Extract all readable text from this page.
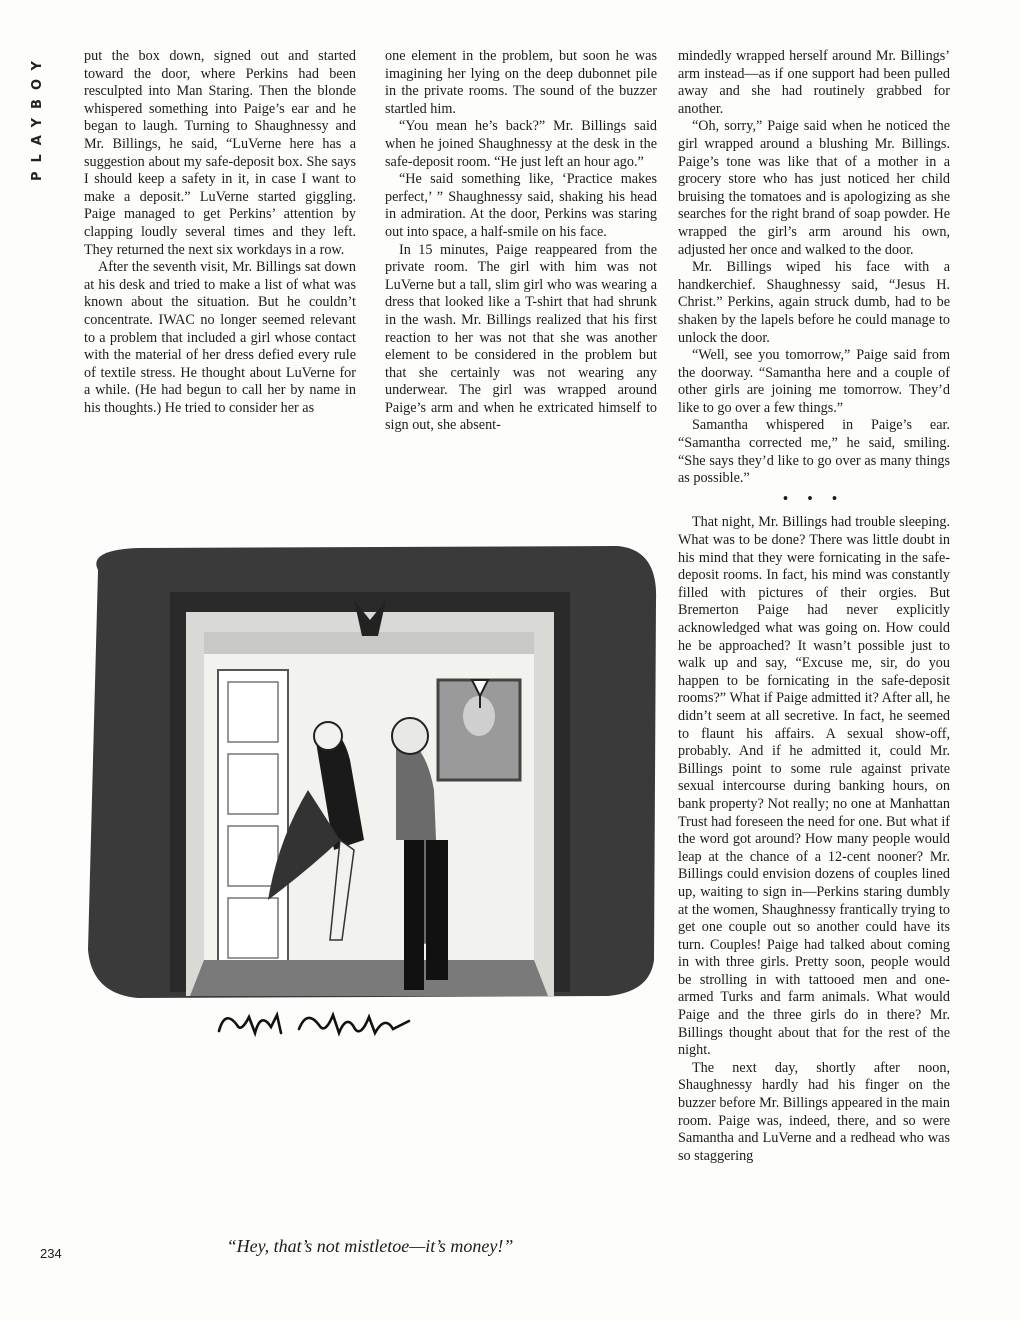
PLAYBOY	put the box down, signed out and started toward the door, where Perkins had been resculpted into Man Staring. Then the blonde whispered something into Paige’s ear and he began to laugh. Turning to Shaughnessy and Mr. Billings, he said, “LuVerne here has a suggestion about my safe-deposit box. She says I should keep a safety in it, in case I want to make a deposit.” LuVerne started giggling. Paige managed to get Perkins’ attention by clapping loudly several times and they left. They returned the next six workdays in a row.

After the seventh visit, Mr. Billings sat down at his desk and tried to make a list of what was known about the situation. But he couldn’t concentrate. IWAC no longer seemed relevant to a problem that included a girl whose contact with the material of her dress defied every rule of textile stress. He thought about LuVerne for a while. (He had begun to call her by name in his thoughts.) He tried to consider her as

one element in the problem, but soon he was imagining her lying on the deep dubonnet pile in the private rooms. The sound of the buzzer startled him.

“You mean he’s back?” Mr. Billings said when he joined Shaughnessy at the desk in the safe-deposit room. “He just left an hour ago.”

“He said something like, ‘Practice makes perfect,’ ” Shaughnessy said, shaking his head in admiration. At the door, Perkins was staring out into space, a half-smile on his face.

In 15 minutes, Paige reappeared from the private room. The girl with him was not LuVerne but a tall, slim girl who was wearing a dress that looked like a T-shirt that had shrunk in the wash. Mr. Billings realized that his first reaction to her was not that she was another element to be considered in the problem but that she certainly was not wearing any underwear. The girl was wrapped around Paige’s arm and when he extricated himself to sign out, she absent-

mindedly wrapped herself around Mr. Billings’ arm instead—as if one support had been pulled away and she had routinely grabbed for another.

“Oh, sorry,” Paige said when he noticed the girl wrapped around a blushing Mr. Billings. Paige’s tone was like that of a mother in a grocery store who has just noticed her child bruising the tomatoes and is apologizing as she searches for the right brand of soap powder. He wrapped the girl’s arm around his own, adjusted her once and walked to the door.

Mr. Billings wiped his face with a handkerchief. Shaughnessy said, “Jesus H. Christ.” Perkins, again struck dumb, had to be shaken by the lapels before he could manage to unlock the door.

“Well, see you tomorrow,” Paige said from the doorway. “Samantha here and a couple of other girls are joining me tomorrow. They’d like to go over a few things.”

Samantha whispered in Paige’s ear. “Samantha corrected me,” he said, smiling. “She says they’d like to go over as many things as possible.”

• • •

That night, Mr. Billings had trouble sleeping. What was to be done? There was little doubt in his mind that they were fornicating in the safe-deposit rooms. In fact, his mind was constantly filled with pictures of their orgies. But Bremerton Paige had never explicitly acknowledged what was going on. How could he be approached? It wasn’t possible just to walk up and say, “Excuse me, sir, do you happen to be fornicating in the safe-deposit rooms?” What if Paige admitted it? After all, he didn’t seem at all secretive. In fact, he seemed to flaunt his affairs. A sexual show-off, probably. And if he admitted it, could Mr. Billings point to some rule against private sexual intercourse during banking hours, on bank property? Not really; no one at Manhattan Trust had foreseen the need for one. But what if the word got around? How many people would leap at the chance of a 12-cent nooner? Mr. Billings could envision dozens of couples lined up, waiting to sign in—Perkins staring dumbly at the women, Shaughnessy frantically trying to get one couple out so another could have its turn. Couples! Paige had talked about coming in with three girls. Pretty soon, people would be strolling in with tattooed men and one-armed Turks and farm animals. What would Paige and the three girls do in there? Mr. Billings thought about that for the rest of the night.

The next day, shortly after noon, Shaughnessy hardly had his finger on the buzzer before Mr. Billings appeared in the main room. Paige was, indeed, there, and so were Samantha and LuVerne and a redhead who was so staggering

“Hey, that’s not mistletoe—it’s money!”
234
